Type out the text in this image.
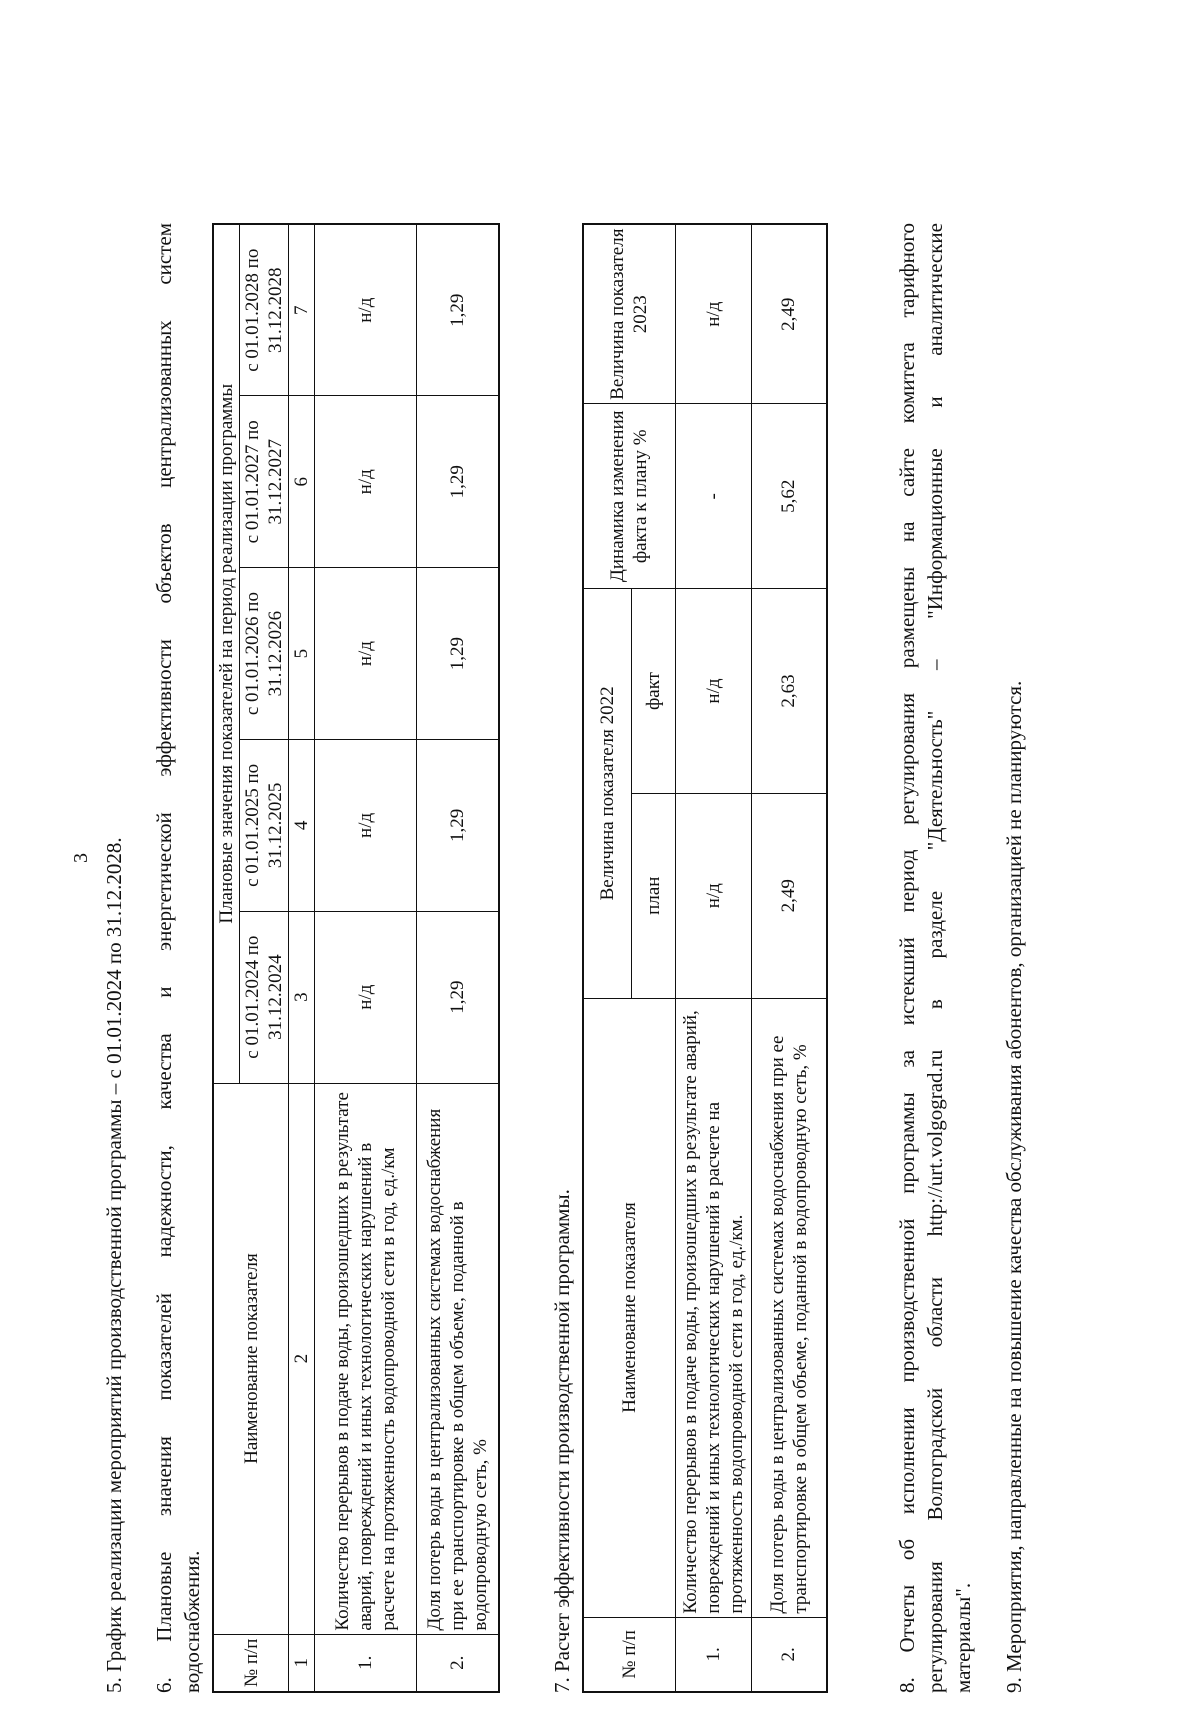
3 5. График реализации мероприятий производственной программы – с 01.01.2024 по 31.12.2028. 6. Плановые значения показателей надежности, качества и энергетической эффективности объектов централизованных систем водоснабжения. № п/п	Наименование показателя	Плановые значения показателей на период реализации программы				
		с 01.01.2024 по 31.12.2024	с 01.01.2025 по 31.12.2025	с 01.01.2026 по 31.12.2026	с 01.01.2027 по 31.12.2027	с 01.01.2028 по 31.12.2028
1	2	3	4	5	6	7
1.	Количество перерывов в подаче воды, произошедших в результате аварий, повреждений и иных технологических нарушений в расчете на протяженность водопроводной сети в год, ед./км	н/д	н/д	н/д	н/д	н/д
2.	Доля потерь воды в централизованных системах водоснабжения при ее транспортировке в общем объеме, поданной в водопроводную сеть, %	1,29	1,29	1,29	1,29	1,29
7. Расчет эффективности производственной программы. № п/п	Наименование показателя	Величина показателя 2022		Динамика изменения факта к плану %	Величина показателя 2023
		план	факт		
1.	Количество перерывов в подаче воды, произошедших в результате аварий, повреждений и иных технологических нарушений в расчете на протяженность водопроводной сети в год, ед./км.	н/д	н/д	-	н/д
2.	Доля потерь воды в централизованных системах водоснабжения при ее транспортировке в общем объеме, поданной в водопроводную сеть, %	2,49	2,63	5,62	2,49	8. Отчеты об исполнении производственной программы за истекший период регулирования размещены на сайте комитета тарифного регулирования Волгоградской области http://urt.volgograd.ru в разделе "Деятельность" – "Информационные и аналитические материалы". 9. Мероприятия, направленные на повышение качества обслуживания абонентов, организацией не планируются.
